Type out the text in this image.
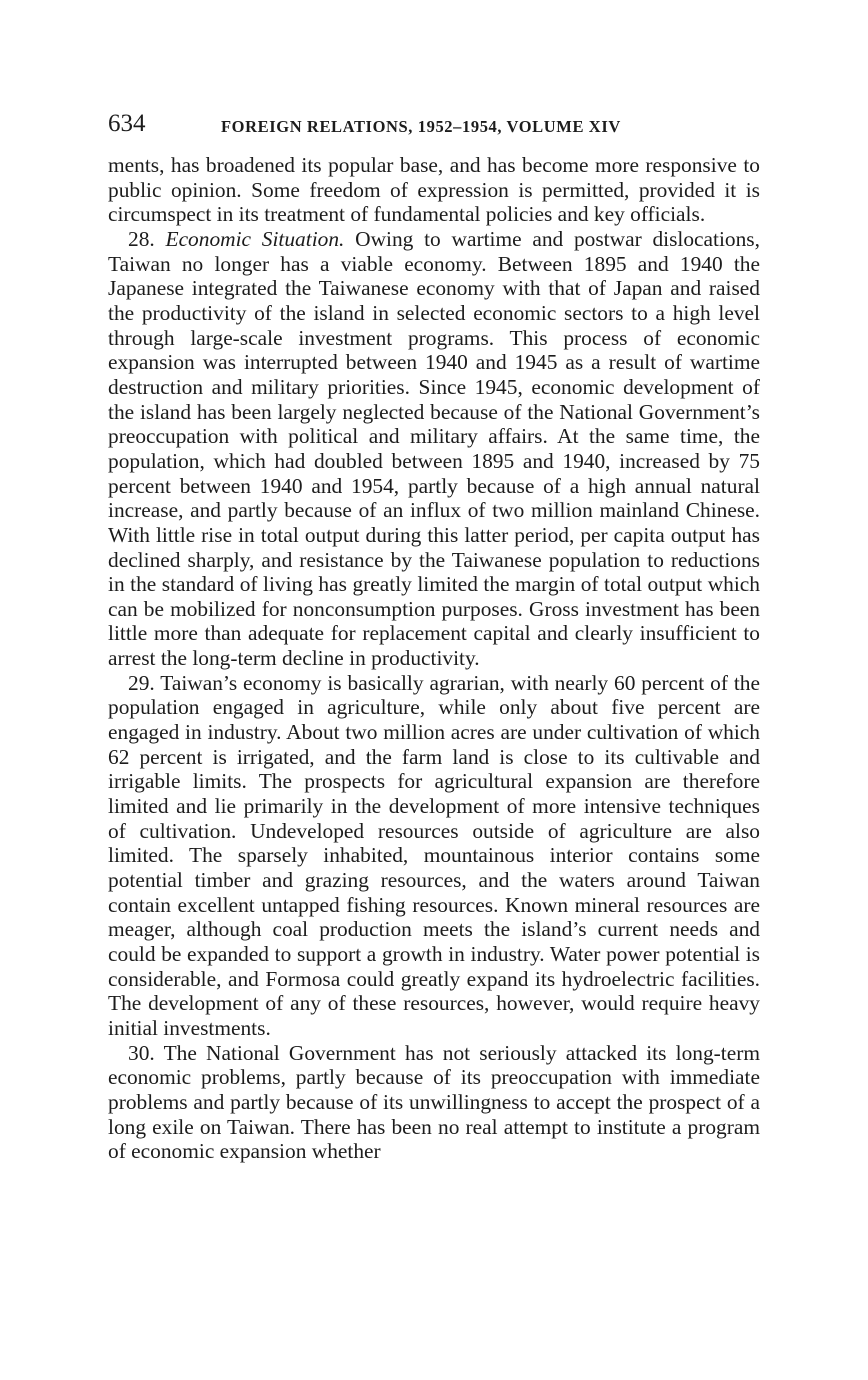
634	FOREIGN RELATIONS, 1952–1954, VOLUME XIV

ments, has broadened its popular base, and has become more responsive to public opinion. Some freedom of expression is permitted, provided it is circumspect in its treatment of fundamental policies and key officials.

28. Economic Situation. Owing to wartime and postwar dislocations, Taiwan no longer has a viable economy. Between 1895 and 1940 the Japanese integrated the Taiwanese economy with that of Japan and raised the productivity of the island in selected economic sectors to a high level through large-scale investment programs. This process of economic expansion was interrupted between 1940 and 1945 as a result of wartime destruction and military priorities. Since 1945, economic development of the island has been largely neglected because of the National Government’s preoccupation with political and military affairs. At the same time, the population, which had doubled between 1895 and 1940, increased by 75 percent between 1940 and 1954, partly because of a high annual natural increase, and partly because of an influx of two million mainland Chinese. With little rise in total output during this latter period, per capita output has declined sharply, and resistance by the Taiwanese population to reductions in the standard of living has greatly limited the margin of total output which can be mobilized for nonconsumption purposes. Gross investment has been little more than adequate for replacement capital and clearly insufficient to arrest the long-term decline in productivity.

29. Taiwan’s economy is basically agrarian, with nearly 60 percent of the population engaged in agriculture, while only about five percent are engaged in industry. About two million acres are under cultivation of which 62 percent is irrigated, and the farm land is close to its cultivable and irrigable limits. The prospects for agricultural expansion are therefore limited and lie primarily in the development of more intensive techniques of cultivation. Undeveloped resources outside of agriculture are also limited. The sparsely inhabited, mountainous interior contains some potential timber and grazing resources, and the waters around Taiwan contain excellent untapped fishing resources. Known mineral resources are meager, although coal production meets the island’s current needs and could be expanded to support a growth in industry. Water power potential is considerable, and Formosa could greatly expand its hydroelectric facilities. The development of any of these resources, however, would require heavy initial investments.

30. The National Government has not seriously attacked its long-term economic problems, partly because of its preoccupation with immediate problems and partly because of its unwillingness to accept the prospect of a long exile on Taiwan. There has been no real attempt to institute a program of economic expansion whether
